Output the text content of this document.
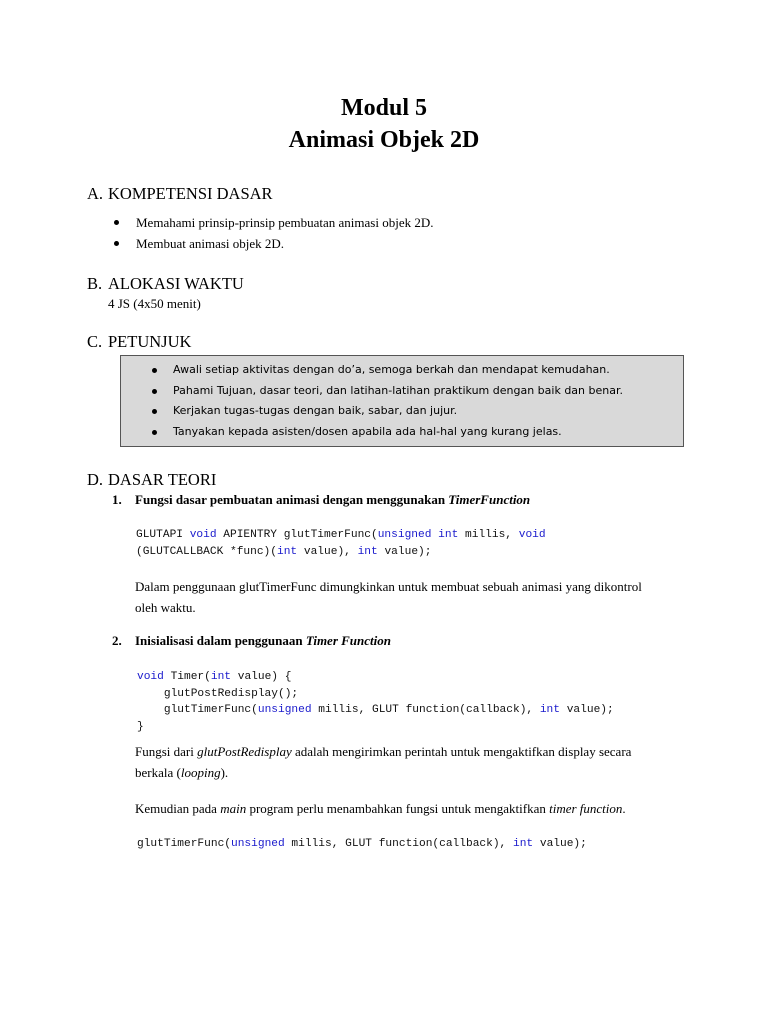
Modul 5
Animasi Objek 2D
A. KOMPETENSI DASAR
Memahami prinsip-prinsip pembuatan animasi objek 2D.
Membuat animasi objek 2D.
B. ALOKASI WAKTU
4 JS (4x50 menit)
C. PETUNJUK
Awali setiap aktivitas dengan do’a, semoga berkah dan mendapat kemudahan.
Pahami Tujuan, dasar teori, dan latihan-latihan praktikum dengan baik dan benar.
Kerjakan tugas-tugas dengan baik, sabar, dan jujur.
Tanyakan kepada asisten/dosen apabila ada hal-hal yang kurang jelas.
D. DASAR TEORI
1. Fungsi dasar pembuatan animasi dengan menggunakan TimerFunction
GLUTAPI void APIENTRY glutTimerFunc(unsigned int millis, void
(GLUTCALLBACK *func)(int value), int value);
Dalam penggunaan glutTimerFunc dimungkinkan untuk membuat sebuah animasi yang dikontrol
oleh waktu.
2. Inisialisasi dalam penggunaan Timer Function
void Timer(int value) {
glutPostRedisplay();
glutTimerFunc(unsigned millis, GLUT function(callback), int value);
}
Fungsi dari glutPostRedisplay adalah mengirimkan perintah untuk mengaktifkan display secara
berkala (looping).
Kemudian pada main program perlu menambahkan fungsi untuk mengaktifkan timer function.
glutTimerFunc(unsigned millis, GLUT function(callback), int value);
